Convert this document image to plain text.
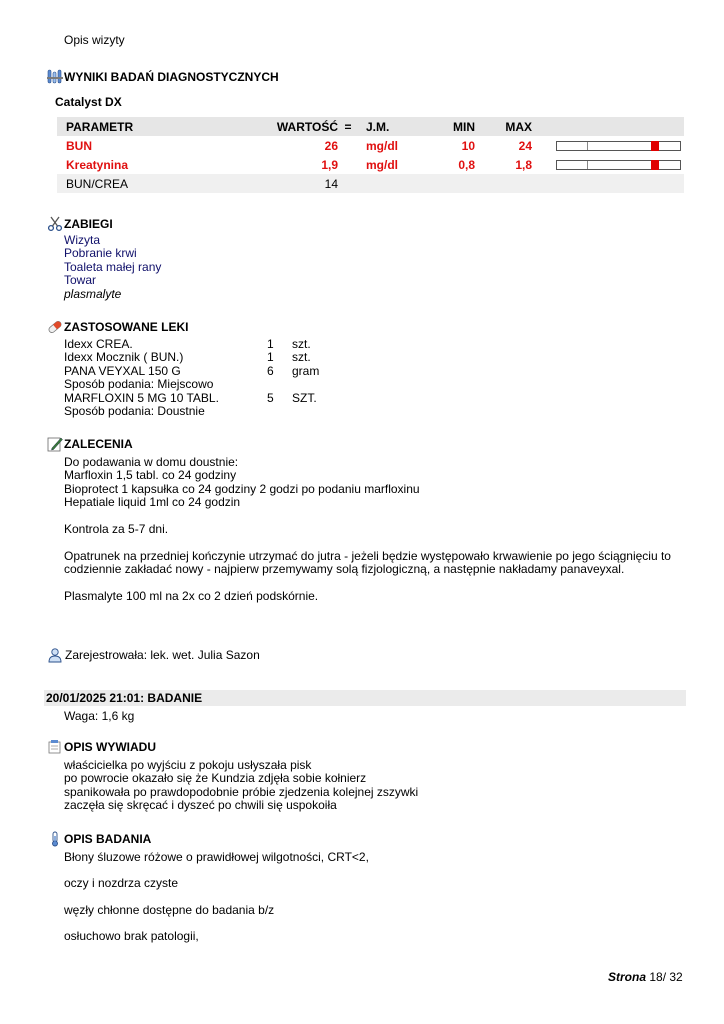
Opis wizyty
WYNIKI BADAŃ DIAGNOSTYCZNYCH
Catalyst DX
PARAMETR	WARTOŚĆ	=	J.M.	MIN	MAX	
BUN	26		mg/dl	10	24	

Kreatynina	1,9		mg/dl	0,8	1,8	

BUN/CREA	14					
ZABIEGI
Wizyta
Pobranie krwi
Toaleta małej rany
Towar
plasmalyte
ZASTOSOWANE LEKI
Idexx CREA.	1 szt.
Idexx Mocznik ( BUN.)	1 szt.
PANA VEYXAL 150 G	6 gram
Sposób podania: Miejscowo
MARFLOXIN 5 MG 10 TABL.	5 SZT.
Sposób podania: Doustnie
ZALECENIA
Do podawania w domu doustnie:
Marfloxin 1,5 tabl. co 24 godziny
Bioprotect 1 kapsułka co 24 godziny 2 godzi po podaniu marfloxinu
Hepatiale liquid 1ml co 24 godzin
Kontrola za 5-7 dni.
Opatrunek na przedniej kończynie utrzymać do jutra - jeżeli będzie występowało krwawienie po jego ściągnięciu to
codziennie zakładać nowy - najpierw przemywamy solą fizjologiczną, a następnie nakładamy panaveyxal.
Plasmalyte 100 ml na 2x co 2 dzień podskórnie.
Zarejestrowała: lek. wet. Julia Sazon
20/01/2025 21:01: BADANIE
Waga: 1,6 kg
OPIS WYWIADU
właścicielka po wyjściu z pokoju usłyszała pisk
po powrocie okazało się że Kundzia zdjęła sobie kołnierz
spanikowała po prawdopodobnie próbie zjedzenia kolejnej zszywki
zaczęła się skręcać i dyszeć po chwili się uspokoiła
OPIS BADANIA
Błony śluzowe różowe o prawidłowej wilgotności, CRT<2,
oczy i nozdrza czyste
węzły chłonne dostępne do badania b/z
osłuchowo brak patologii,
Strona 18/ 32
